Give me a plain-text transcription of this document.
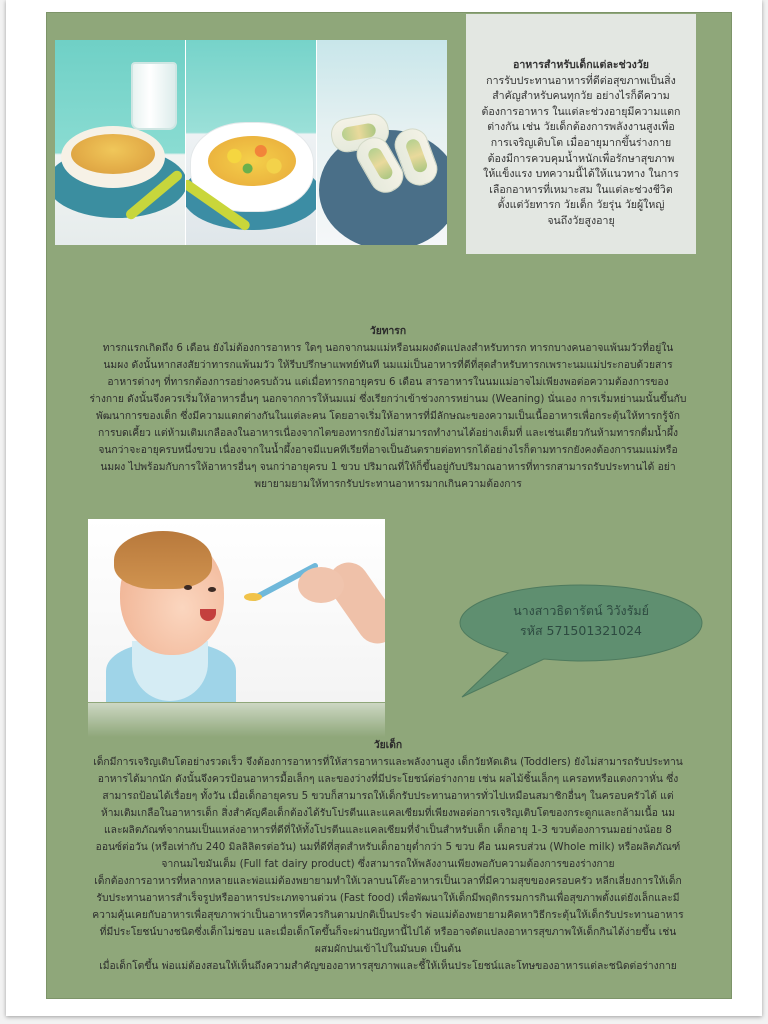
อาหารสำหรับเด็กแต่ละช่วงวัย

การรับประทานอาหารที่ดีต่อสุขภาพเป็นสิ่ง
สำคัญสำหรับคนทุกวัย อย่างไรก็ดีความ
ต้องการอาหาร ในแต่ละช่วงอายุมีความแตก
ต่างกัน เช่น วัยเด็กต้องการพลังงานสูงเพื่อ
การเจริญเติบโต เมื่ออายุมากขึ้นร่างกาย
ต้องมีการควบคุมน้ำหนักเพื่อรักษาสุขภาพ
ให้แข็งแรง บทความนี้ได้ให้แนวทาง ในการ
เลือกอาหารที่เหมาะสม ในแต่ละช่วงชีวิต
ตั้งแต่วัยทารก วัยเด็ก วัยรุ่น วัยผู้ใหญ่
จนถึงวัยสูงอายุ

วัยทารก

ทารกแรกเกิดถึง 6 เดือน ยังไม่ต้องการอาหาร ใดๆ นอกจากนมแม่หรือนมผงดัดแปลงสำหรับทารก ทารกบางคนอาจแพ้นมวัวที่อยู่ใน
นมผง ดังนั้นหากสงสัยว่าทารกแพ้นมวัว ให้รีบปรึกษาแพทย์ทันที นมแม่เป็นอาหารที่ดีที่สุดสำหรับทารกเพราะนมแม่ประกอบด้วยสาร
อาหารต่างๆ ที่ทารกต้องการอย่างครบถ้วน แต่เมื่อทารกอายุครบ 6 เดือน สารอาหารในนมแม่อาจไม่เพียงพอต่อความต้องการของ
ร่างกาย ดังนั้นจึงควรเริ่มให้อาหารอื่นๆ นอกจากการให้นมแม่ ซึ่งเรียกว่าเข้าช่วงการหย่านม (Weaning) นั่นเอง การเริ่มหย่านมนั้นขึ้นกับ
พัฒนาการของเด็ก ซึ่งมีความแตกต่างกันในแต่ละคน โดยอาจเริ่มให้อาหารที่มีลักษณะของความเป็นเนื้ออาหารเพื่อกระตุ้นให้ทารกรู้จัก
การบดเคี้ยว แต่ห้ามเติมเกลือลงในอาหารเนื่องจากไตของทารกยังไม่สามารถทำงานได้อย่างเต็มที่ และเช่นเดียวกันห้ามทารกดื่มน้ำผึ้ง
จนกว่าจะอายุครบหนึ่งขวบ เนื่องจากในน้ำผึ้งอาจมีแบคทีเรียที่อาจเป็นอันตรายต่อทารกได้อย่างไรก็ตามทารกยังคงต้องการนมแม่หรือ
นมผง ไปพร้อมกับการให้อาหารอื่นๆ จนกว่าอายุครบ 1 ขวบ ปริมาณที่ให้ก็ขึ้นอยู่กับปริมาณอาหารที่ทารกสามารถรับประทานได้ อย่า
พยายามยามให้ทารกรับประทานอาหารมากเกินความต้องการ

นางสาวธิดารัตน์ วิวังรัมย์
รหัส 571501321024
วัยเด็ก

เด็กมีการเจริญเติบโตอย่างรวดเร็ว จึงต้องการอาหารที่ให้สารอาหารและพลังงานสูง เด็กวัยหัดเดิน (Toddlers) ยังไม่สามารถรับประทาน
อาหารได้มากนัก ดังนั้นจึงควรป้อนอาหารมื้อเล็กๆ และของว่างที่มีประโยชน์ต่อร่างกาย เช่น ผลไม้ชิ้นเล็กๆ แครอทหรือแตงกวาหั่น ซึ่ง
สามารถป้อนได้เรื่อยๆ ทั้งวัน เมื่อเด็กอายุครบ 5 ขวบก็สามารถให้เด็กรับประทานอาหารทั่วไปเหมือนสมาชิกอื่นๆ ในครอบครัวได้ แต่
ห้ามเติมเกลือในอาหารเด็ก สิ่งสำคัญคือเด็กต้องได้รับโปรตีนและแคลเซียมที่เพียงพอต่อการเจริญเติบโตของกระดูกและกล้ามเนื้อ นม
และผลิตภัณฑ์จากนมเป็นแหล่งอาหารที่ดีที่ให้ทั้งโปรตีนและแคลเซียมที่จำเป็นสำหรับเด็ก เด็กอายุ 1-3 ขวบต้องการนมอย่างน้อย 8
ออนซ์ต่อวัน (หรือเท่ากับ 240 มิลลิลิตรต่อวัน) นมที่ดีที่สุดสำหรับเด็กอายุต่ำกว่า 5 ขวบ คือ นมครบส่วน (Whole milk) หรือผลิตภัณฑ์
จากนมไขมันเต็ม (Full fat dairy product) ซึ่งสามารถให้พลังงานเพียงพอกับความต้องการของร่างกาย
เด็กต้องการอาหารที่หลากหลายและพ่อแม่ต้องพยายามทำให้เวลาบนโต๊ะอาหารเป็นเวลาที่มีความสุขของครอบครัว หลีกเลี่ยงการให้เด็ก
รับประทานอาหารสำเร็จรูปหรืออาหารประเภทจานด่วน (Fast food) เพื่อพัฒนาให้เด็กมีพฤติกรรมการกินเพื่อสุขภาพตั้งแต่ยังเล็กและมี
ความคุ้นเคยกับอาหารเพื่อสุขภาพว่าเป็นอาหารที่ควรกินตามปกติเป็นประจำ พ่อแม่ต้องพยายามคิดหาวิธีกระตุ้นให้เด็กรับประทานอาหาร
ที่มีประโยชน์บางชนิดซึ่งเด็กไม่ชอบ และเมื่อเด็กโตขึ้นก็จะผ่านปัญหานี้ไปได้ หรืออาจดัดแปลงอาหารสุขภาพให้เด็กกินได้ง่ายขึ้น เช่น
ผสมผักปนเข้าไปในมันบด เป็นต้น
เมื่อเด็กโตขึ้น พ่อแม่ต้องสอนให้เห็นถึงความสำคัญของอาหารสุขภาพและชี้ให้เห็นประโยชน์และโทษของอาหารแต่ละชนิดต่อร่างกาย
